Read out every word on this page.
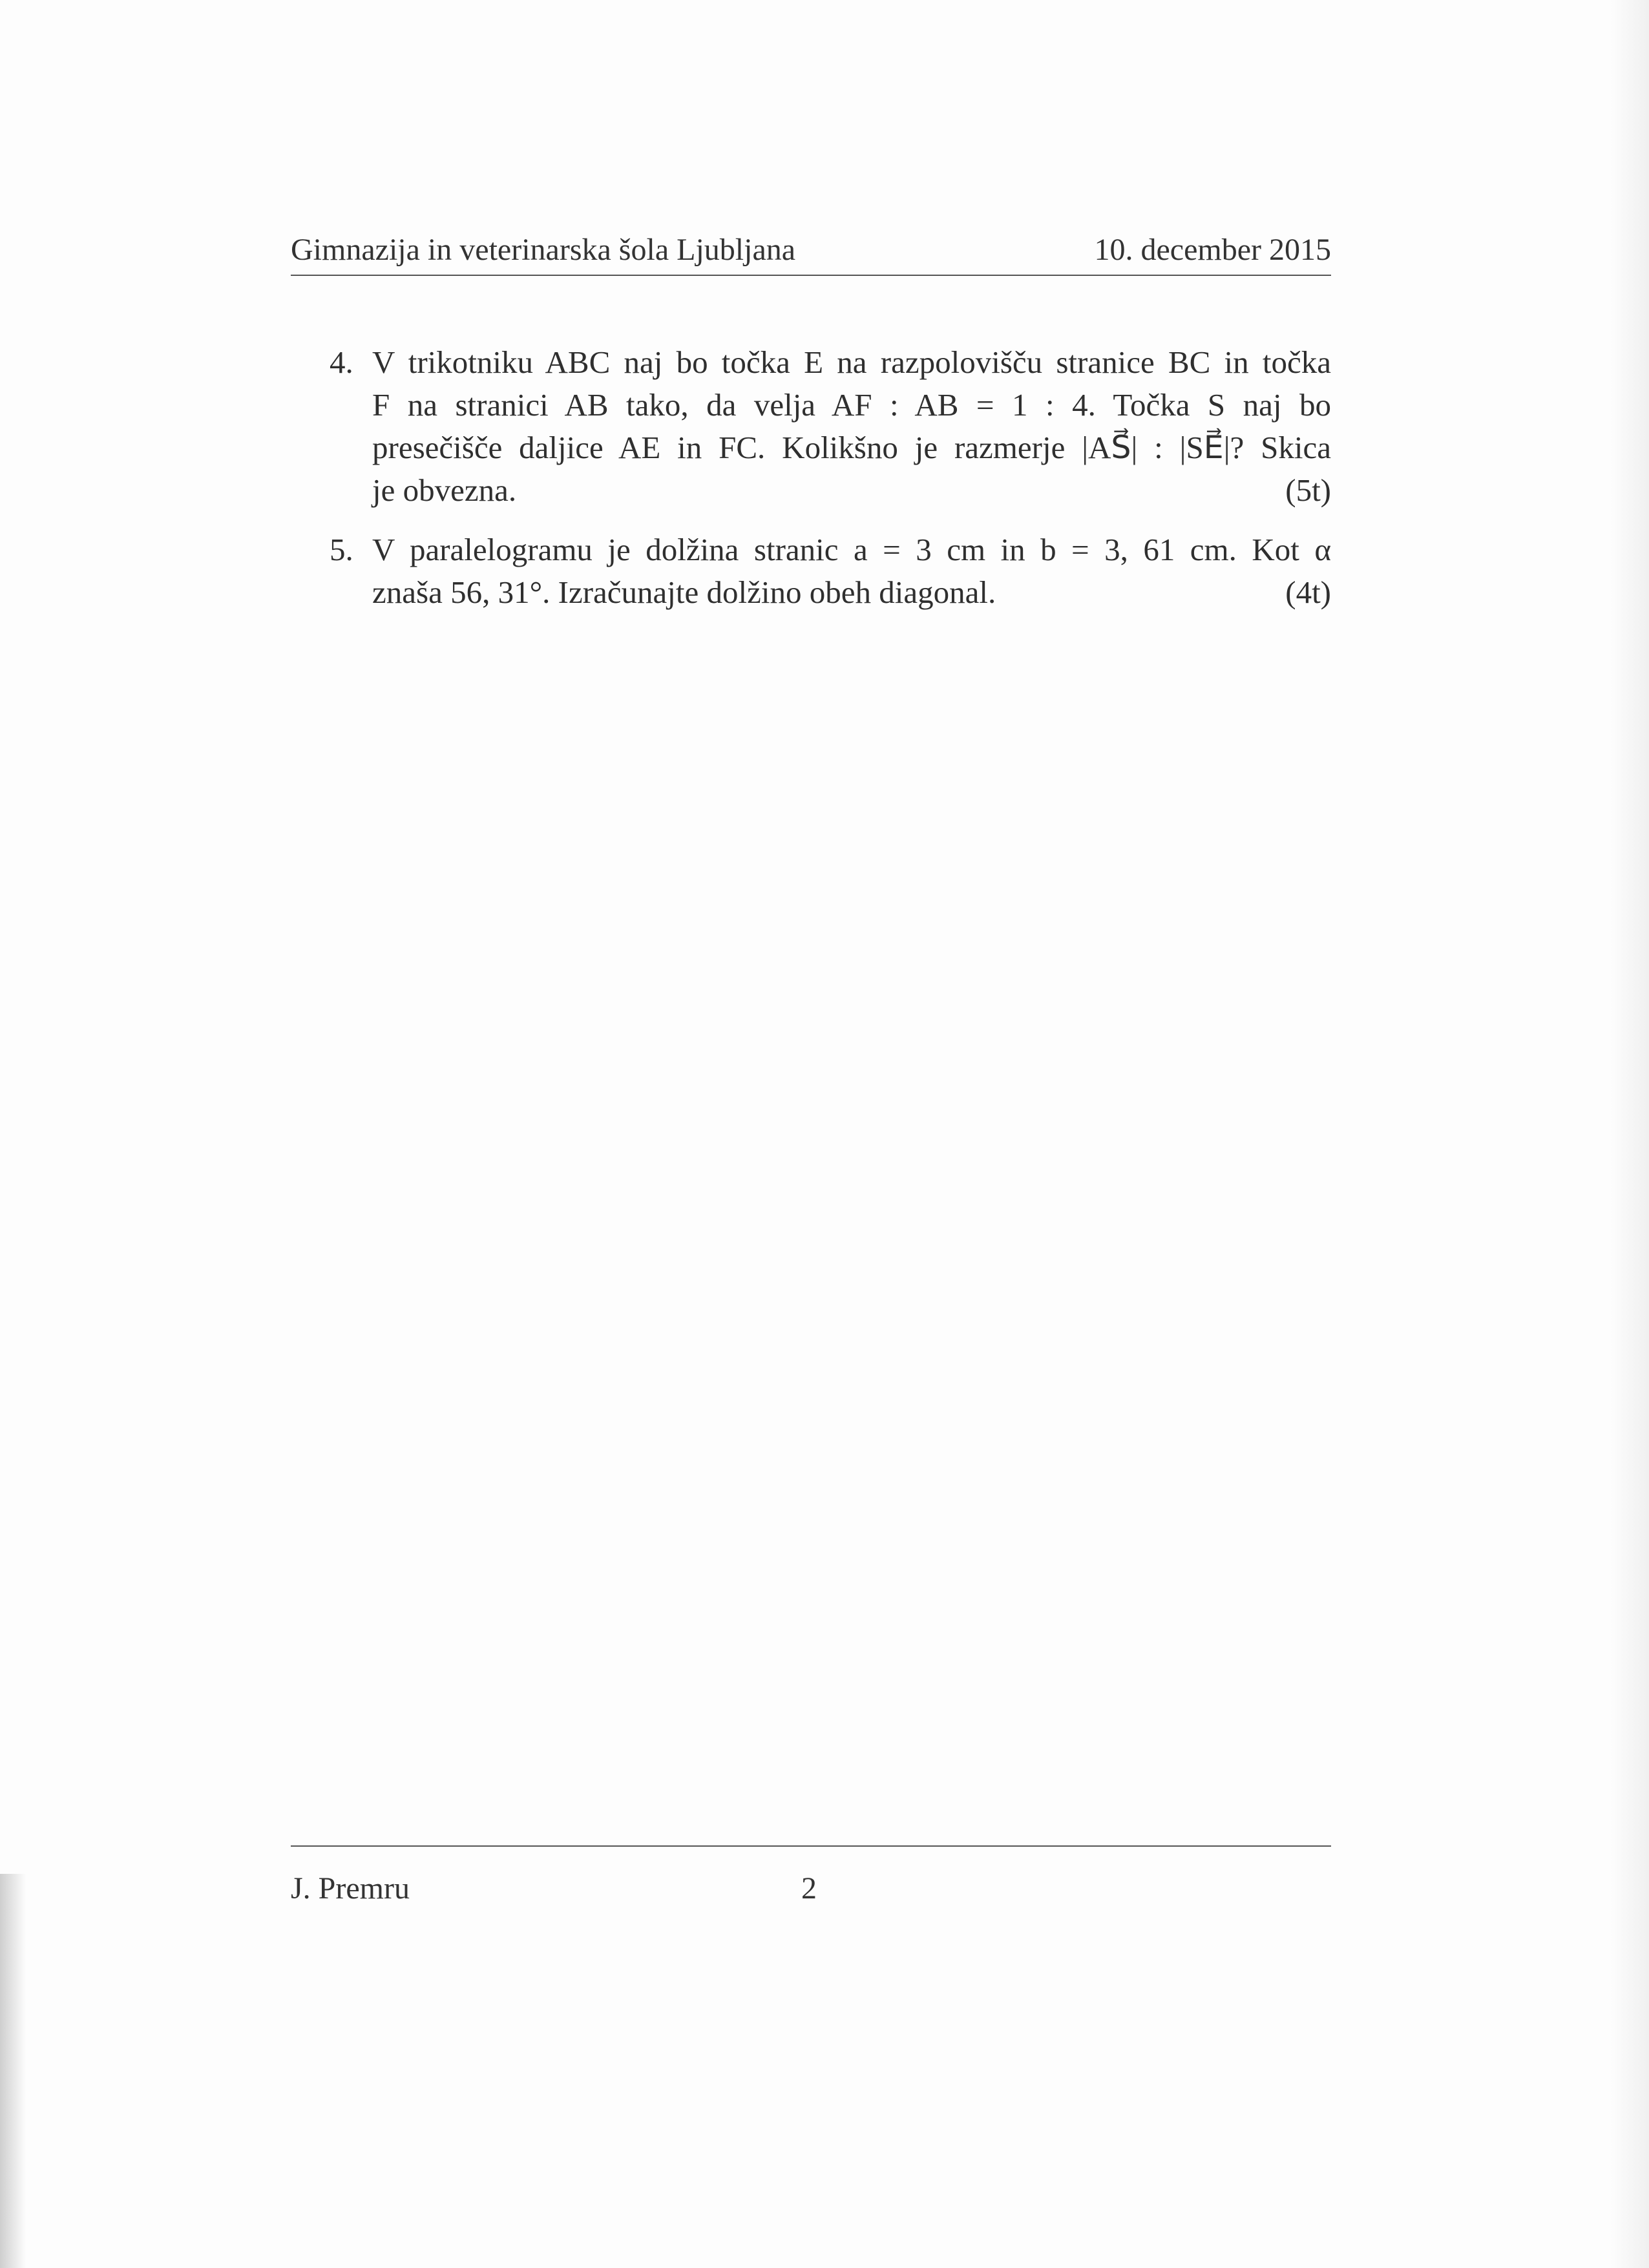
Gimnazija in veterinarska šola Ljubljana	10. december 2015
4. V trikotniku ABC naj bo točka E na razpolovišču stranice BC in točka
F na stranici AB tako, da velja AF : AB = 1 : 4. Točka S naj bo
presečišče daljice AE in FC. Kolikšno je razmerje |AS⃗| : |SE⃗|? Skica
je obvezna.	(5t)
5. V paralelogramu je dolžina stranic a = 3 cm in b = 3, 61 cm. Kot α
znaša 56, 31°. Izračunajte dolžino obeh diagonal.	(4t)
J. Premru	2
